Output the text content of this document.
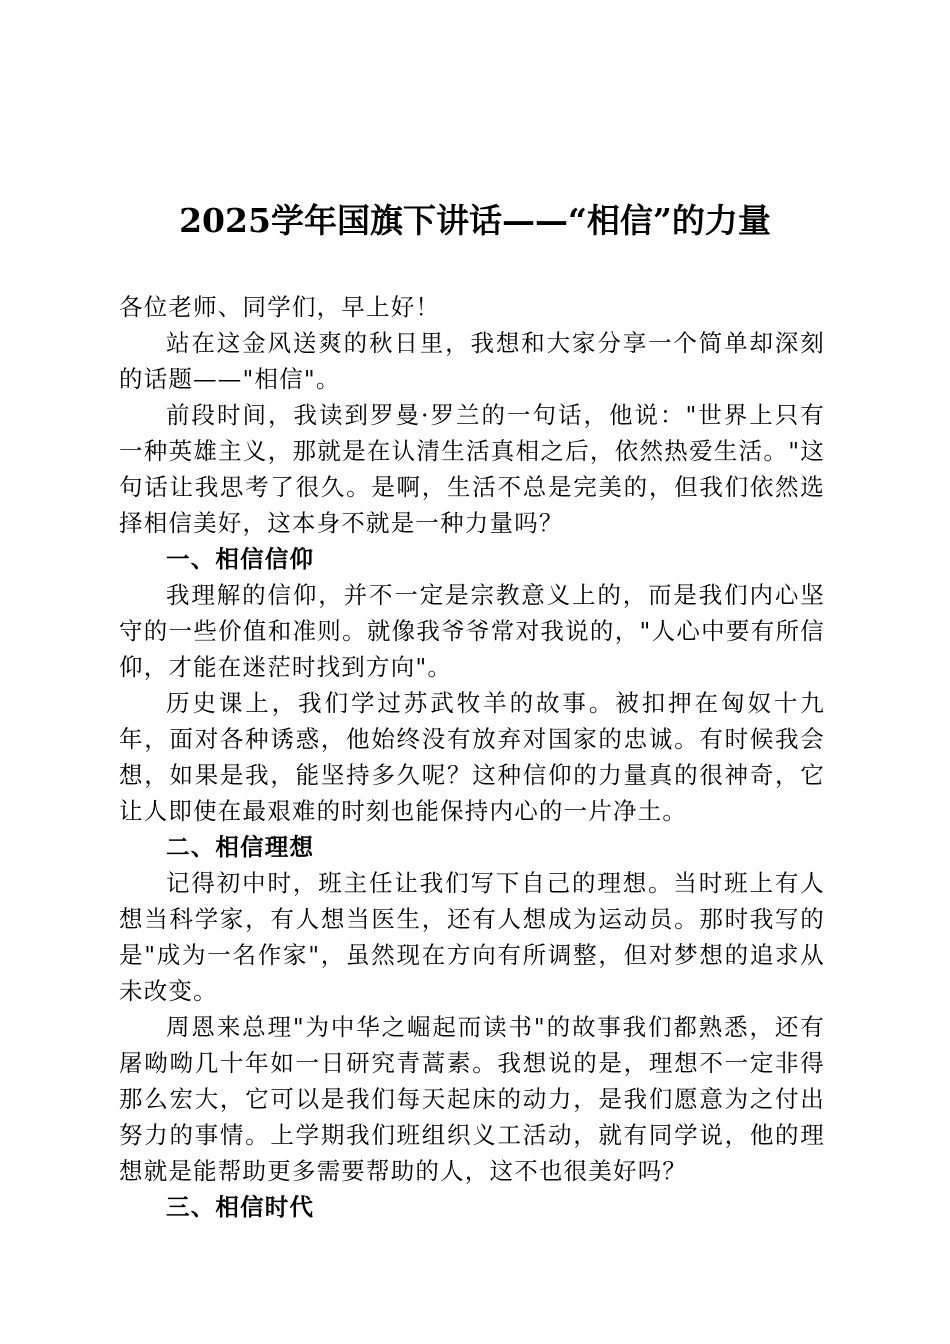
2025学年国旗下讲话——“相信”的力量

各位老师、同学们，早上好！

站在这金风送爽的秋日里，我想和大家分享一个简单却深刻的话题——"相信"。

前段时间，我读到罗曼·罗兰的一句话，他说："世界上只有一种英雄主义，那就是在认清生活真相之后，依然热爱生活。"这句话让我思考了很久。是啊，生活不总是完美的，但我们依然选择相信美好，这本身不就是一种力量吗？

一、相信信仰

我理解的信仰，并不一定是宗教意义上的，而是我们内心坚守的一些价值和准则。就像我爷爷常对我说的，"人心中要有所信仰，才能在迷茫时找到方向"。

历史课上，我们学过苏武牧羊的故事。被扣押在匈奴十九年，面对各种诱惑，他始终没有放弃对国家的忠诚。有时候我会想，如果是我，能坚持多久呢？这种信仰的力量真的很神奇，它让人即使在最艰难的时刻也能保持内心的一片净土。

二、相信理想

记得初中时，班主任让我们写下自己的理想。当时班上有人想当科学家，有人想当医生，还有人想成为运动员。那时我写的是"成为一名作家"，虽然现在方向有所调整，但对梦想的追求从未改变。

周恩来总理"为中华之崛起而读书"的故事我们都熟悉，还有屠呦呦几十年如一日研究青蒿素。我想说的是，理想不一定非得那么宏大，它可以是我们每天起床的动力，是我们愿意为之付出努力的事情。上学期我们班组织义工活动，就有同学说，他的理想就是能帮助更多需要帮助的人，这不也很美好吗？

三、相信时代
